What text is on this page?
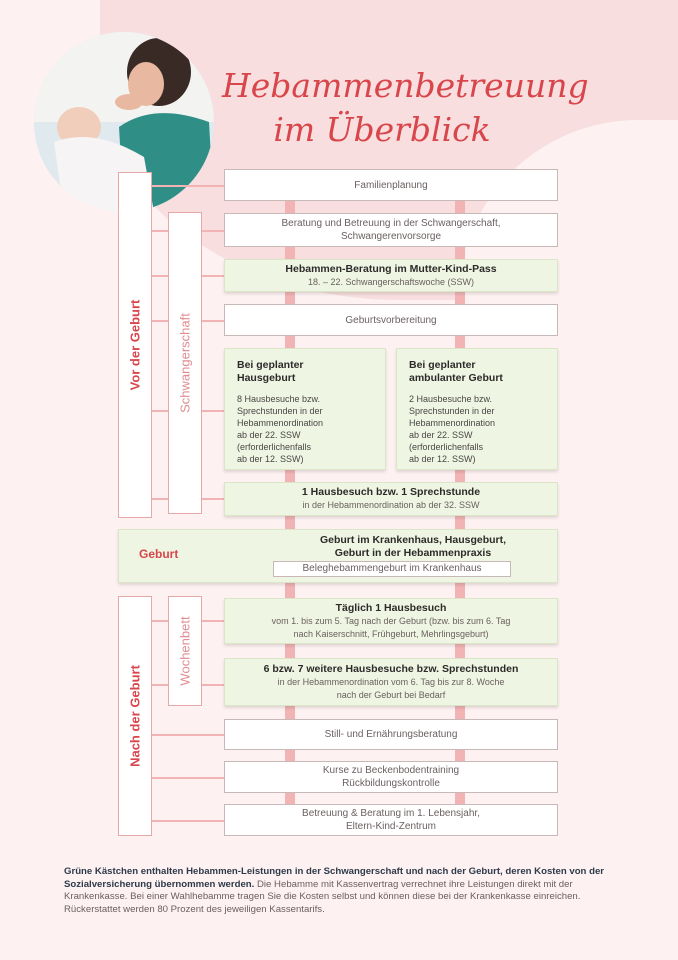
Hebammenbetreuung
im Überblick
Vor der Geburt	Schwangerschaft
Nach der Geburt
Wochenbett
Familienplanung
Beratung und Betreuung in der Schwangerschaft,
Schwangerenvorsorge
Hebammen-Beratung im Mutter-Kind-Pass
18. – 22. Schwangerschaftswoche (SSW)
Geburtsvorbereitung
Bei geplanter
Hausgeburt
8 Hausbesuche bzw.
Sprechstunden in der
Hebammenordination
ab der 22. SSW
(erforderlichenfalls
ab der 12. SSW)
Bei geplanter
ambulanter Geburt
2 Hausbesuche bzw.
Sprechstunden in der
Hebammenordination
ab der 22. SSW
(erforderlichenfalls
ab der 12. SSW)
1 Hausbesuch bzw. 1 Sprechstunde
in der Hebammenordination ab der 32. SSW
Geburt
Geburt im Krankenhaus, Hausgeburt,
Geburt in der Hebammenpraxis
Beleghebammengeburt im Krankenhaus
Täglich 1 Hausbesuch
vom 1. bis zum 5. Tag nach der Geburt (bzw. bis zum 6. Tag
nach Kaiserschnitt, Frühgeburt, Mehrlingsgeburt)
6 bzw. 7 weitere Hausbesuche bzw. Sprechstunden
in der Hebammenordination vom 6. Tag bis zur 8. Woche
nach der Geburt bei Bedarf
Still- und Ernährungsberatung
Kurse zu Beckenbodentraining
Rückbildungskontrolle
Betreuung & Beratung im 1. Lebensjahr,
Eltern-Kind-Zentrum
Grüne Kästchen enthalten Hebammen-Leistungen in der Schwangerschaft und nach der Geburt, deren Kosten von der Sozialversicherung übernommen werden. Die Hebamme mit Kassenvertrag verrechnet ihre Leistungen direkt mit der Krankenkasse. Bei einer Wahlhebamme tragen Sie die Kosten selbst und können diese bei der Krankenkasse einreichen. Rückerstattet werden 80 Prozent des jeweiligen Kassentarifs.
